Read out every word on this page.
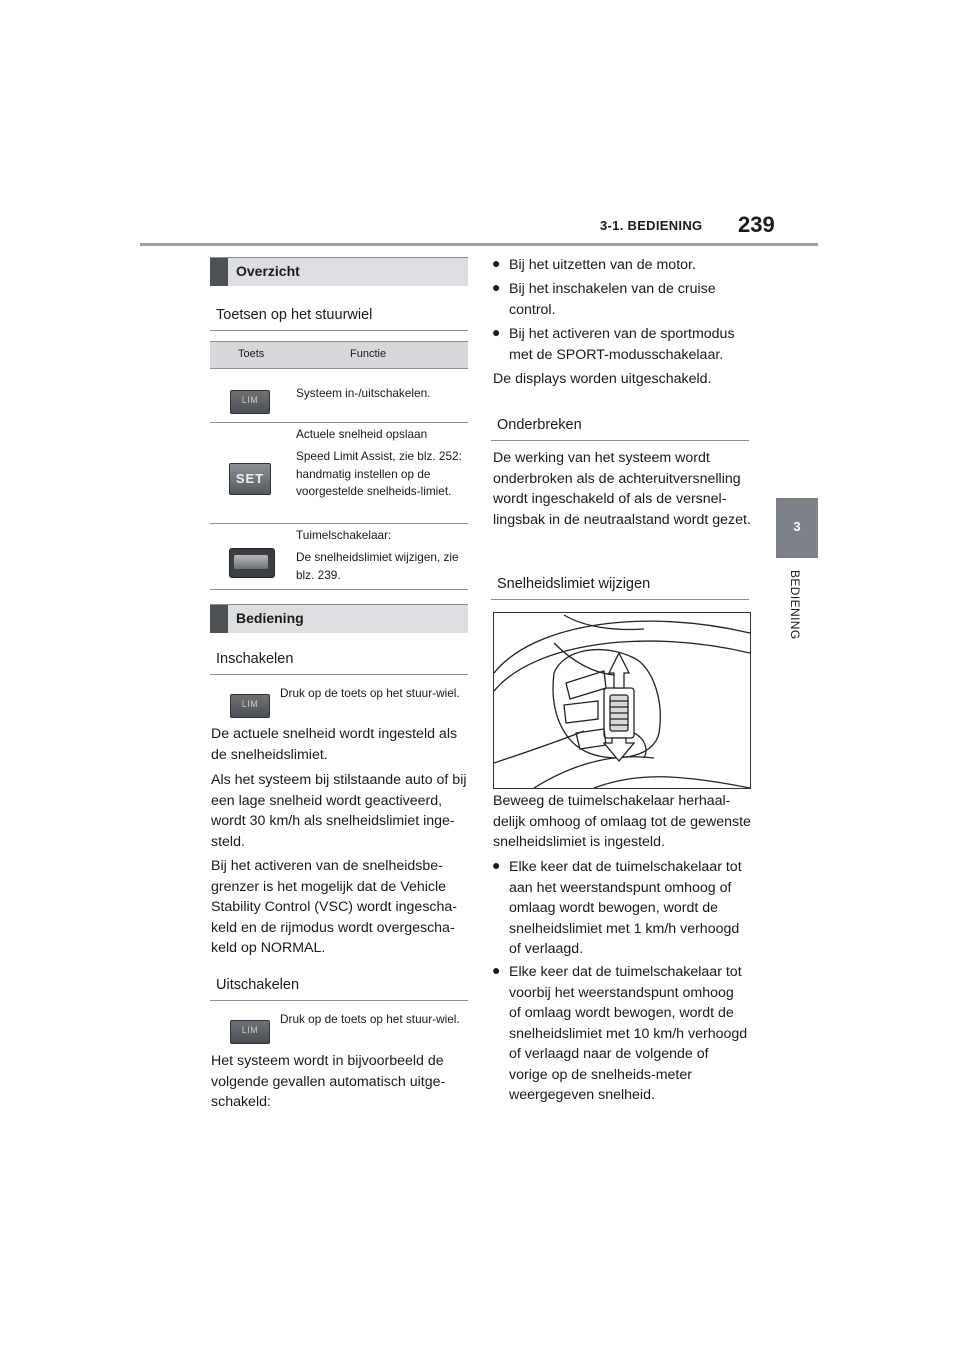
3-1. BEDIENING 239
3
BEDIENING
Overzicht
Toetsen op het stuurwiel
Toets	Functie
LIM	Systeem in-/uitschakelen.
SET
Actuele snelheid opslaan
Speed Limit Assist, zie blz. 252: handmatig instellen op de voorgestelde snelheids-limiet.
Tuimelschakelaar:
De snelheidslimiet wijzigen, zie blz. 239.
Bediening
Inschakelen
LIM
Druk op de toets op het stuur-wiel.
De actuele snelheid wordt ingesteld als de snelheidslimiet.
Als het systeem bij stilstaande auto of bij een lage snelheid wordt geactiveerd, wordt 30 km/h als snelheidslimiet inge-steld.
Bij het activeren van de snelheidsbe-grenzer is het mogelijk dat de Vehicle Stability Control (VSC) wordt ingescha-keld en de rijmodus wordt overgescha-keld op NORMAL.
Uitschakelen
LIM
Druk op de toets op het stuur-wiel.
Het systeem wordt in bijvoorbeeld de volgende gevallen automatisch uitge-schakeld:
● Bij het uitzetten van de motor.
● Bij het inschakelen van de cruise control.
● Bij het activeren van de sportmodus met de SPORT-modusschakelaar.
De displays worden uitgeschakeld.
Onderbreken
De werking van het systeem wordt onderbroken als de achteruitversnelling wordt ingeschakeld of als de versnel-lingsbak in de neutraalstand wordt gezet.
Snelheidslimiet wijzigen
Beweeg de tuimelschakelaar herhaal-delijk omhoog of omlaag tot de gewenste snelheidslimiet is ingesteld.
● Elke keer dat de tuimelschakelaar tot aan het weerstandspunt omhoog of omlaag wordt bewogen, wordt de snelheidslimiet met 1 km/h verhoogd of verlaagd.
● Elke keer dat de tuimelschakelaar tot voorbij het weerstandspunt omhoog of omlaag wordt bewogen, wordt de snelheidslimiet met 10 km/h verhoogd of verlaagd naar de volgende of vorige op de snelheids-meter weergegeven snelheid.
